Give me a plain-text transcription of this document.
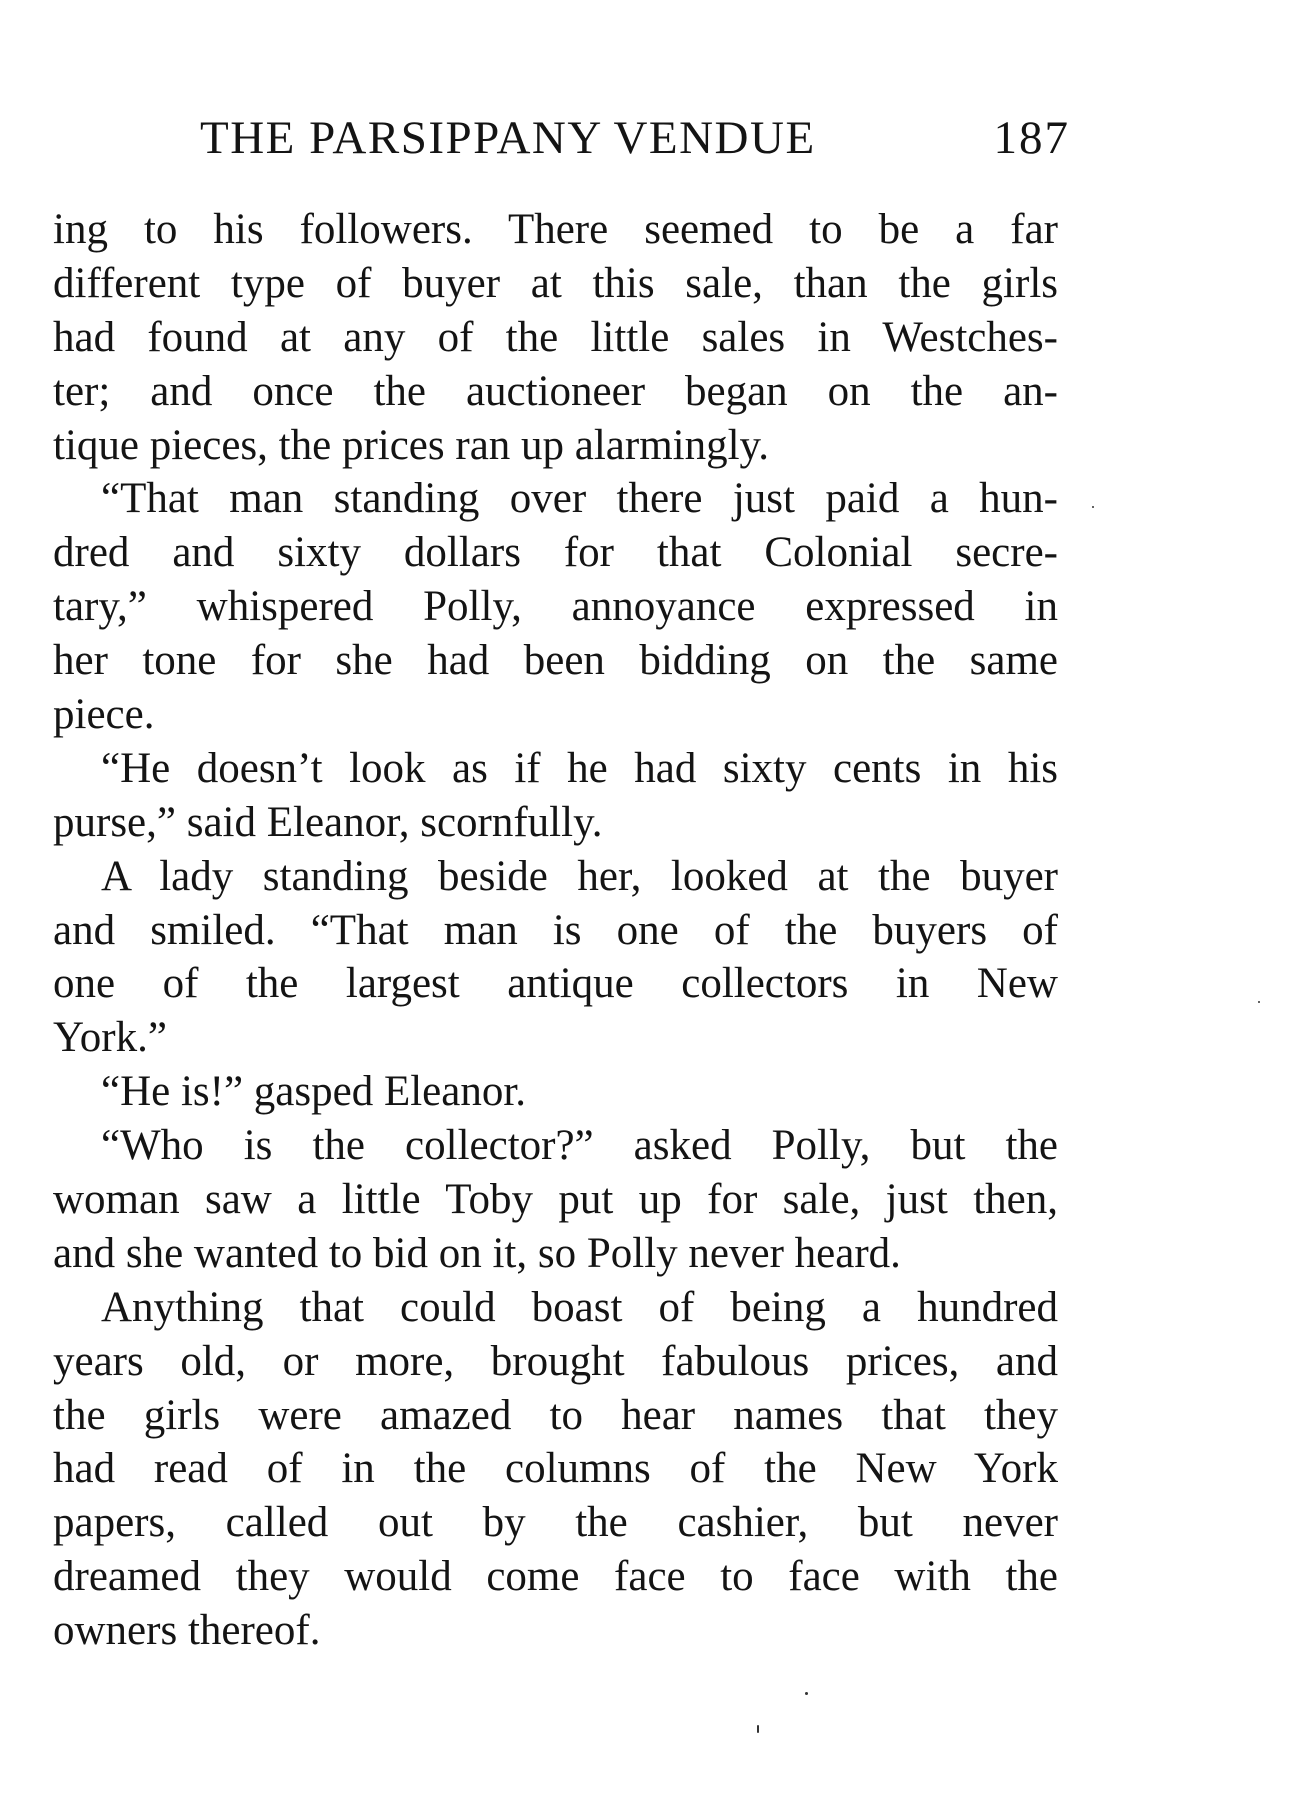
THE PARSIPPANY VENDUE	187

ing to his followers. There seemed to be a far
different type of buyer at this sale, than the girls
had found at any of the little sales in Westches-
ter; and once the auctioneer began on the an-
tique pieces, the prices ran up alarmingly.

“That man standing over there just paid a hun-
dred and sixty dollars for that Colonial secre-
tary,” whispered Polly, annoyance expressed in
her tone for she had been bidding on the same
piece.

“He doesn’t look as if he had sixty cents in his
purse,” said Eleanor, scornfully.

A lady standing beside her, looked at the buyer
and smiled. “That man is one of the buyers of
one of the largest antique collectors in New
York.”

“He is!” gasped Eleanor.

“Who is the collector?” asked Polly, but the
woman saw a little Toby put up for sale, just then,
and she wanted to bid on it, so Polly never heard.

Anything that could boast of being a hundred
years old, or more, brought fabulous prices, and
the girls were amazed to hear names that they
had read of in the columns of the New York
papers, called out by the cashier, but never
dreamed they would come face to face with the
owners thereof.
